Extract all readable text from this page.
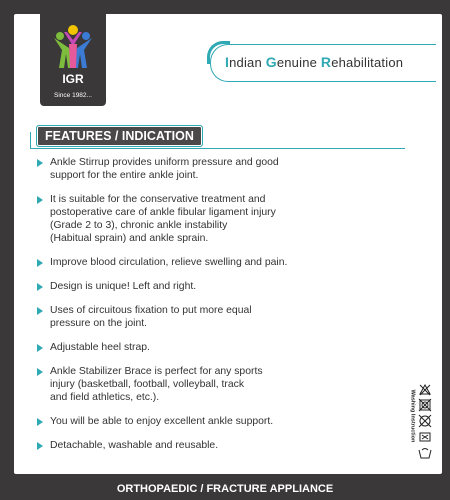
IGR
Since 1982...
Indian Genuine Rehabilitation
FEATURES / INDICATION
Ankle Stirrup provides uniform pressure and good
support for the entire ankle joint.
It is suitable for the conservative treatment and
postoperative care of ankle fibular ligament injury
(Grade 2 to 3), chronic ankle instability
(Habitual sprain) and ankle sprain.
Improve blood circulation, relieve swelling and pain.
Design is unique! Left and right.
Uses of circuitous fixation to put more equal
pressure on the joint.
Adjustable heel strap.
Ankle Stabilizer Brace is perfect for any sports
injury (basketball, football, volleyball, track
and field athletics, etc.).
You will be able to enjoy excellent ankle support.
Detachable, washable and reusable.
Washing Instruction
ORTHOPAEDIC / FRACTURE APPLIANCE
